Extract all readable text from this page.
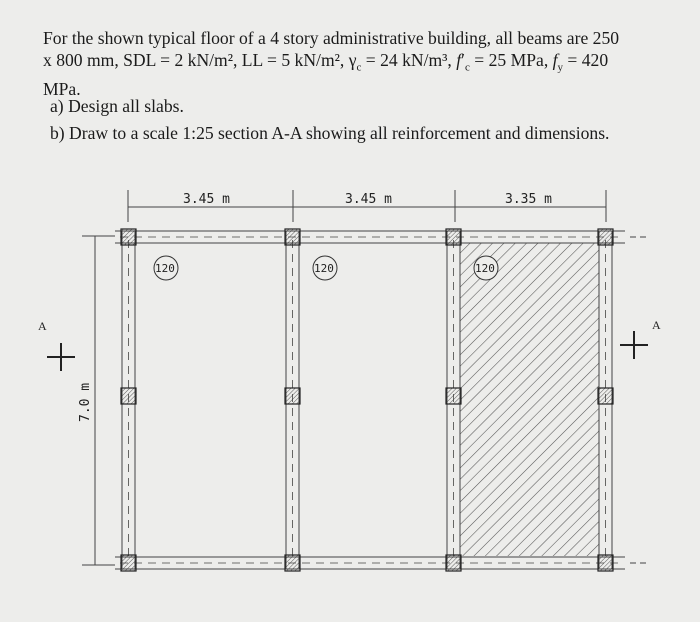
For the shown typical floor of a 4 story administrative building, all beams are 250

x 800 mm, SDL = 2 kN/m², LL = 5 kN/m², $\gamma_c = 24$ kN/m³, $f'_c = 25$ MPa, $f_y = 420$

MPa.

a) Design all slabs.
b) Draw to a scale 1:25 section A-A showing all reinforcement and dimensions.
3.45 m	3.45 m	3.35 m
7.0 m
120	120	120
A	A
